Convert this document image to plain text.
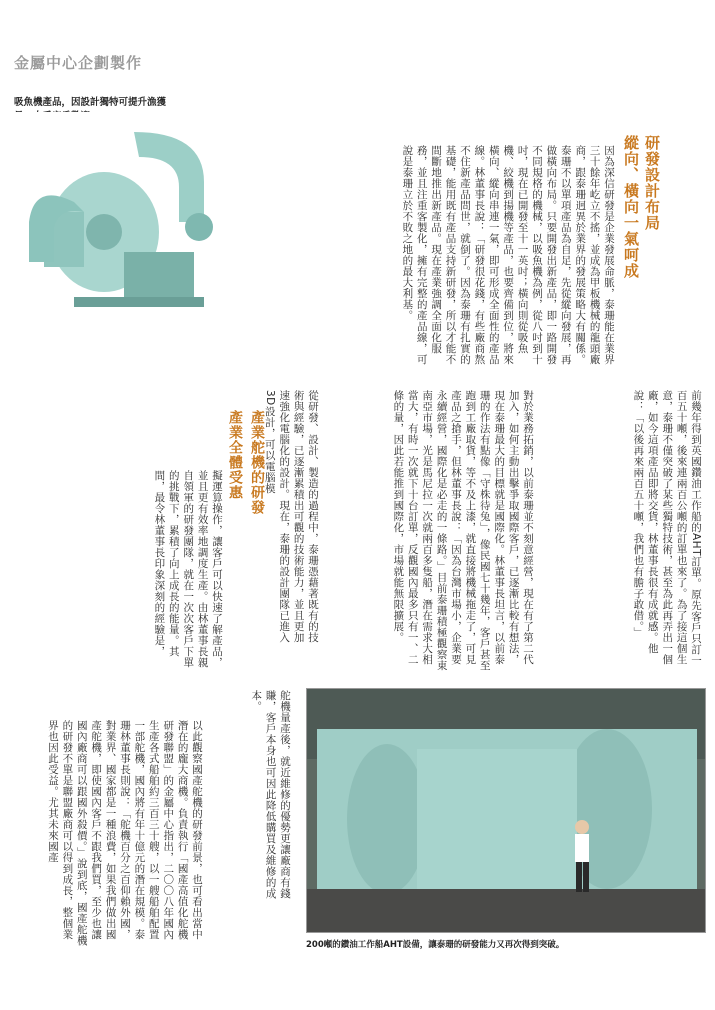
金屬中心企劃製作
吸魚機產品，因設計獨特可提升漁獲
研發設計布局
縱向、橫向一氣呵成
因為深信研發是企業發展命脈，泰珊能在業界三十餘年屹立不搖，並成為甲板機械的龍頭廠商，跟泰珊迥異於業界的發展策略大有關係。泰珊不以單項產品為自足，先從縱向發展，再做橫向布局。只要開發出新產品，即一路開發不同規格的機械，以吸魚機為例，從八吋到十吋，現在已開發至十一英吋；橫向則從吸魚機、絞機到揚機等產品，也要齊備到位，將來橫向、縱向串連一氣，即可形成全面性的產品線。林董事長說：「研發很花錢，有些廠商熬不住新產品問世，就倒了。因為泰珊有扎實的基礎，能用既有產品支持新研發，所以才能不間斷地推出新產品。現在產業強調全面化服務，並且注重客製化，擁有完整的產品線，可說是泰珊立於不敗之地的最大利基。
從研發、設計、製造的過程中，泰珊憑藉著既有的技術與經驗，已逐漸累積出可觀的技術能力，並且更加速強化電腦化的設計。現在，泰珊的設計團隊已進入3D設計，可以電腦模
擬運算操作，讓客戶可以快速了解產品，並且更有效率地調度生產。由林董事長親自領軍的研發團隊，就在一次次客戶下單的挑戰下，累積了向上成長的能量。其間，最令林董事長印象深刻的經驗是，	前幾年得到英國鑽油工作船的AHT訂單。原先客戶只訂一百五十噸，後來連兩百公噸的訂單也來了。為了接這個生意，泰珊不僅突破了某些獨特技術，甚至為此再弄出一個廠，如今這項產品即將交貨，林董事長很有成就感。他說：「以後再來兩百五十噸，我們也有膽子敢借。」
對於業務拓銷，以前泰珊並不刻意經營，現在有了第二代加入，如何主動出擊爭取國際客戶，已逐漸比較有想法，現在泰珊最大的目標就是國際化。林董事長坦言，以前泰珊的作法有點像「守株待兔」，像民國七十幾年，客戶甚至跑到工廠取貨，等不及上漆，就直接將機械拖走了，可見產品之搶手，但林董事長說：「因為台灣市場小，企業要永續經營，國際化是必走的一條路。」目前泰珊積極觀察東南亞市場，光是馬尼拉一次就兩百多隻船，潛在需求大相當大，有時一次就下十台訂單，反觀國內最多只有一、二條的量，因此若能推到國際化，市場就能無限擴展。
產業舵機的研發
產業全體受惠
以此觀察國產舵機的研發前景，也可看出當中潛在的龐大商機。負責執行「國產高值化舵機研發聯盟」的金屬中心指出，二〇〇八年國內生產各式船舶約三百三十艘，以一艘船舶配置一部舵機，國內將有年十億元的潛在規模。泰珊林董事長則說：「舵機百分之百仰賴外國，對業界、國家都是一種浪費，如果我們做出國產舵機，即使國內客戶不跟我們買，至少也讓國內廠商可以跟國外殺價。」說到底，國產舵機的研發不單是聯盟廠商可以得到成長，整個業界也因此受益。尤其未來國產	舵機量產後，就近維修的優勢更讓廠商有錢賺，客戶本身也可因此降低購買及維修的成本。
200噸的鑽油工作船AHT設備，讓泰珊的研發能力又再次得到突破。
